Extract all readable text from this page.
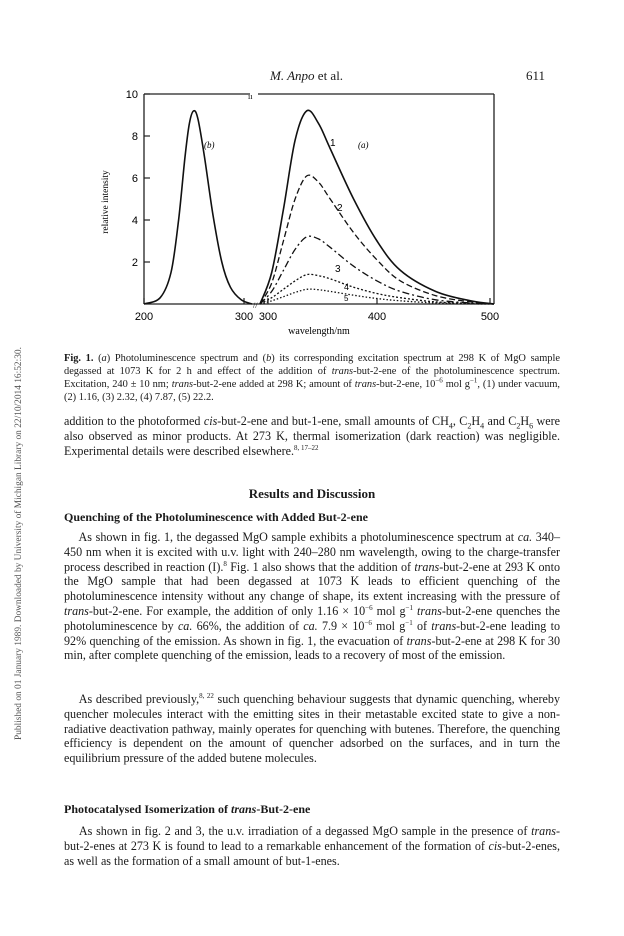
Published on 01 January 1989. Downloaded by University of Michigan Library on 22/10/2014 16:52:30.
M. Anpo et al.	611
ıı
//
10
8
6
4
2
200	300 300	400	500
relative intensity
wavelength/nm
(b)	(a)
1
2
3
4
5
Fig. 1. (a) Photoluminescence spectrum and (b) its corresponding excitation spectrum at 298 K of MgO sample degassed at 1073 K for 2 h and effect of the addition of trans-but-2-ene of the photoluminescence spectrum. Excitation, 240 ± 10 nm; trans-but-2-ene added at 298 K; amount of trans-but-2-ene, $10^{-6}$ mol $g^{-1}$, (1) under vacuum, (2) 1.16, (3) 2.32, (4) 7.87, (5) 22.2.
addition to the photoformed cis-but-2-ene and but-1-ene, small amounts of $CH_4$, $C_2H_4$ and $C_2H_6$ were also observed as minor products. At 273 K, thermal isomerization (dark reaction) was negligible. Experimental details were described elsewhere.$^{8, 17-22}$
Results and Discussion
Quenching of the Photoluminescence with Added But-2-ene
As shown in fig. 1, the degassed MgO sample exhibits a photoluminescence spectrum at ca. 340–450 nm when it is excited with u.v. light with 240–280 nm wavelength, owing to the charge-transfer process described in reaction (I).$^8$ Fig. 1 also shows that the addition of trans-but-2-ene at 293 K onto the MgO sample that had been degassed at 1073 K leads to efficient quenching of the photoluminescence intensity without any change of shape, its extent increasing with the pressure of trans-but-2-ene. For example, the addition of only $1.16 \times 10^{-6}$ mol $g^{-1}$ trans-but-2-ene quenches the photoluminescence by ca. 66%, the addition of ca. $7.9 \times 10^{-6}$ mol $g^{-1}$ of trans-but-2-ene leading to 92% quenching of the emission. As shown in fig. 1, the evacuation of trans-but-2-ene at 298 K for 30 min, after complete quenching of the emission, leads to a recovery of most of the emission.
As described previously,$^{8, 22}$ such quenching behaviour suggests that dynamic quenching, whereby quencher molecules interact with the emitting sites in their metastable excited state to give a non-radiative deactivation pathway, mainly operates for quenching with butenes. Therefore, the quenching efficiency is dependent on the amount of quencher adsorbed on the surfaces, and in turn the equilibrium pressure of the added butene molecules.
Photocatalysed Isomerization of trans-But-2-ene
As shown in fig. 2 and 3, the u.v. irradiation of a degassed MgO sample in the presence of trans-but-2-enes at 273 K is found to lead to a remarkable enhancement of the formation of cis-but-2-enes, as well as the formation of a small amount of but-1-enes.
